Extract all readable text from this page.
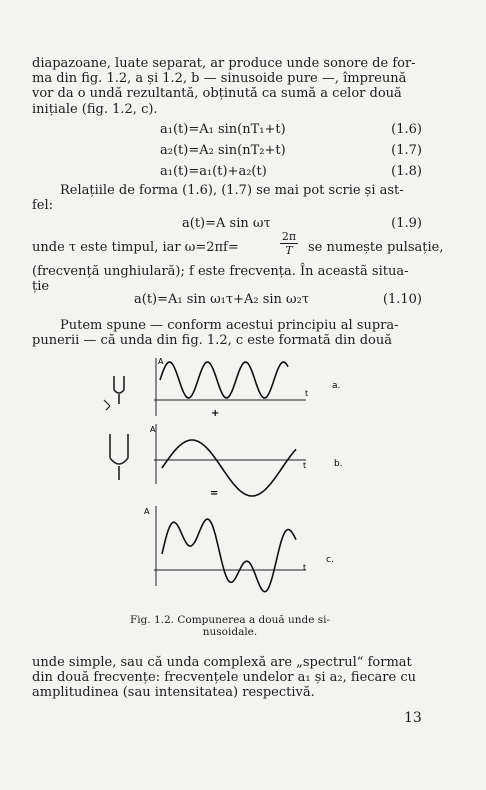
diapazoane, luate separat, ar produce unde sonore de for-
ma din fig. 1.2, a și 1.2, b — sinusoide pure —, împreună
vor da o undă rezultantă, obținută ca sumă a celor două
inițiale (fig. 1.2, c).
a₁(t)=A₁ sin(nT₁+t)	(1.6)
a₂(t)=A₂ sin(nT₂+t)	(1.7)
a₁(t)=a₁(t)+a₂(t)	(1.8)
Relațiile de forma (1.6), (1.7) se mai pot scrie și ast-
fel:
a(t)=A sin ωτ	(1.9)
unde τ este timpul, iar ω=2πf=
2π
T	se numește pulsație,
(frecvență unghiulară); f este frecvența. În aceastã situa-
ție
a(t)=A₁ sin ω₁τ+A₂ sin ω₂τ	(1.10)
Putem spune — conform acestui principiu al supra-
punerii — că unda din fig. 1.2, c este formată din două
A
t
a.
+
A
t	b.
=
A
t
c.
Fig. 1.2. Compunerea a două unde si-
nusoidale.
unde simple, sau că unda complexă are „spectrul“ format
din două frecvențe: frecvențele undelor a₁ și a₂, fiecare cu
amplitudinea (sau intensitatea) respectivă.
13
